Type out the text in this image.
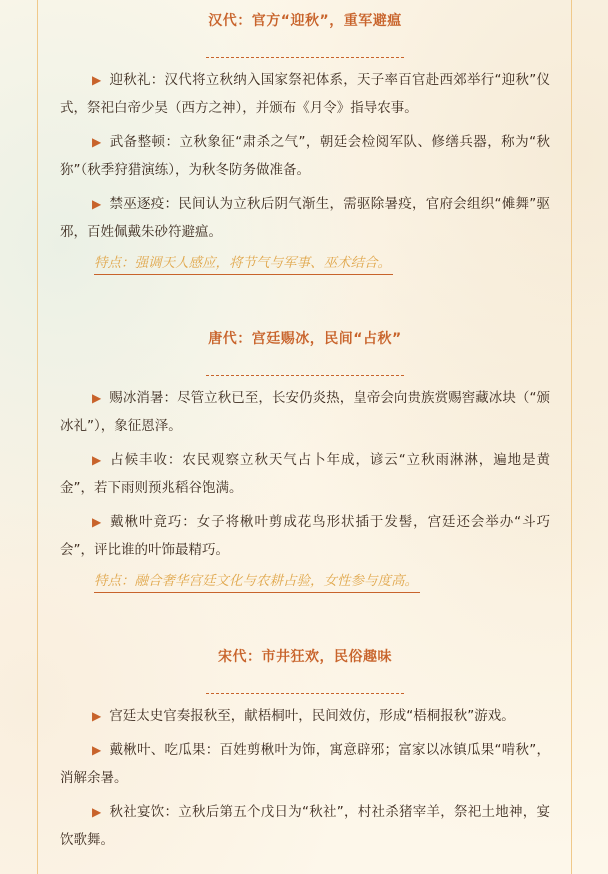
汉代：官方“迎秋”，重军避瘟

▶ 迎秋礼：汉代将立秋纳入国家祭祀体系，天子率百官赴西郊举行“迎秋”仪式，祭祀白帝少昊（西方之神），并颁布《月令》指导农事。

▶ 武备整顿：立秋象征“肃杀之气”，朝廷会检阅军队、修缮兵器，称为“秋狝”（秋季狩猎演练），为秋冬防务做准备。

▶ 禁巫逐疫：民间认为立秋后阴气渐生，需驱除暑疫，官府会组织“傩舞”驱邪，百姓佩戴朱砂符避瘟。

特点：强调天人感应，将节气与军事、巫术结合。
唐代：宫廷赐冰，民间“占秋”

▶ 赐冰消暑：尽管立秋已至，长安仍炎热，皇帝会向贵族赏赐窖藏冰块（“颁冰礼”），象征恩泽。

▶ 占候丰收：农民观察立秋天气占卜年成，谚云“立秋雨淋淋，遍地是黄金”，若下雨则预兆稻谷饱满。

▶ 戴楸叶竟巧：女子将楸叶剪成花鸟形状插于发髻，宫廷还会举办“斗巧会”，评比谁的叶饰最精巧。

特点：融合奢华宫廷文化与农耕占验，女性参与度高。
宋代：市井狂欢，民俗趣味

▶ 宫廷太史官奏报秋至，献梧桐叶，民间效仿，形成“梧桐报秋”游戏。

▶ 戴楸叶、吃瓜果：百姓剪楸叶为饰，寓意辟邪；富家以冰镇瓜果“啃秋”，消解余暑。

▶ 秋社宴饮：立秋后第五个戊日为“秋社”，村社杀猪宰羊，祭祀土地神，宴饮歌舞。
